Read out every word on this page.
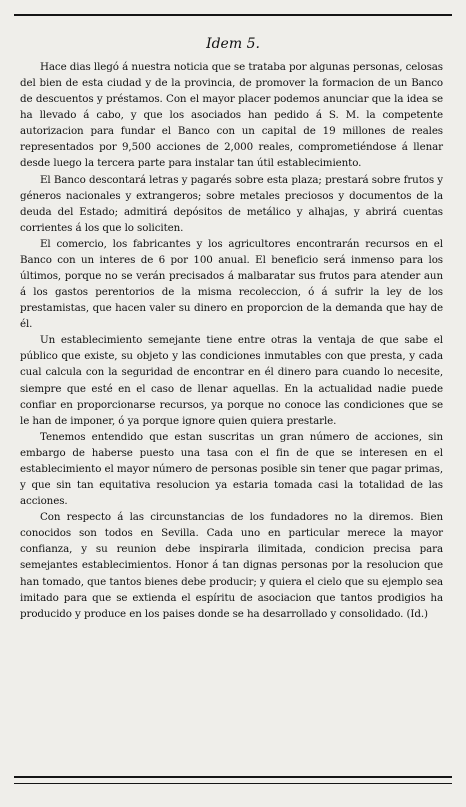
Idem 5.

Hace dias llegó á nuestra noticia que se trataba por algunas personas, celosas del bien de esta ciudad y de la provincia, de promover la formacion de un Banco de descuentos y préstamos. Con el mayor placer podemos anunciar que la idea se ha llevado á cabo, y que los asociados han pedido á S. M. la competente autorizacion para fundar el Banco con un capital de 19 millones de reales representados por 9,500 acciones de 2,000 reales, comprometiéndose á llenar desde luego la tercera parte para instalar tan útil establecimiento.

El Banco descontará letras y pagarés sobre esta plaza; prestará sobre frutos y géneros nacionales y extrangeros; sobre metales preciosos y documentos de la deuda del Estado; admitirá depósitos de metálico y alhajas, y abrirá cuentas corrientes á los que lo soliciten.

El comercio, los fabricantes y los agricultores encontrarán recursos en el Banco con un interes de 6 por 100 anual. El beneficio será inmenso para los últimos, porque no se verán precisados á malbaratar sus frutos para atender aun á los gastos perentorios de la misma recoleccion, ó á sufrir la ley de los prestamistas, que hacen valer su dinero en proporcion de la demanda que hay de él.

Un establecimiento semejante tiene entre otras la ventaja de que sabe el público que existe, su objeto y las condiciones inmutables con que presta, y cada cual calcula con la seguridad de encontrar en él dinero para cuando lo necesite, siempre que esté en el caso de llenar aquellas. En la actualidad nadie puede confiar en proporcionarse recursos, ya porque no conoce las condiciones que se le han de imponer, ó ya porque ignore quien quiera prestarle.

Tenemos entendido que estan suscritas un gran número de acciones, sin embargo de haberse puesto una tasa con el fin de que se interesen en el establecimiento el mayor número de personas posible sin tener que pagar primas, y que sin tan equitativa resolucion ya estaria tomada casi la totalidad de las acciones.

Con respecto á las circunstancias de los fundadores no la diremos. Bien conocidos son todos en Sevilla. Cada uno en particular merece la mayor confianza, y su reunion debe inspirarla ilimitada, condicion precisa para semejantes establecimientos. Honor á tan dignas personas por la resolucion que han tomado, que tantos bienes debe producir; y quiera el cielo que su ejemplo sea imitado para que se extienda el espíritu de asociacion que tantos prodigios ha producido y produce en los paises donde se ha desarrollado y consolidado. (Id.)
